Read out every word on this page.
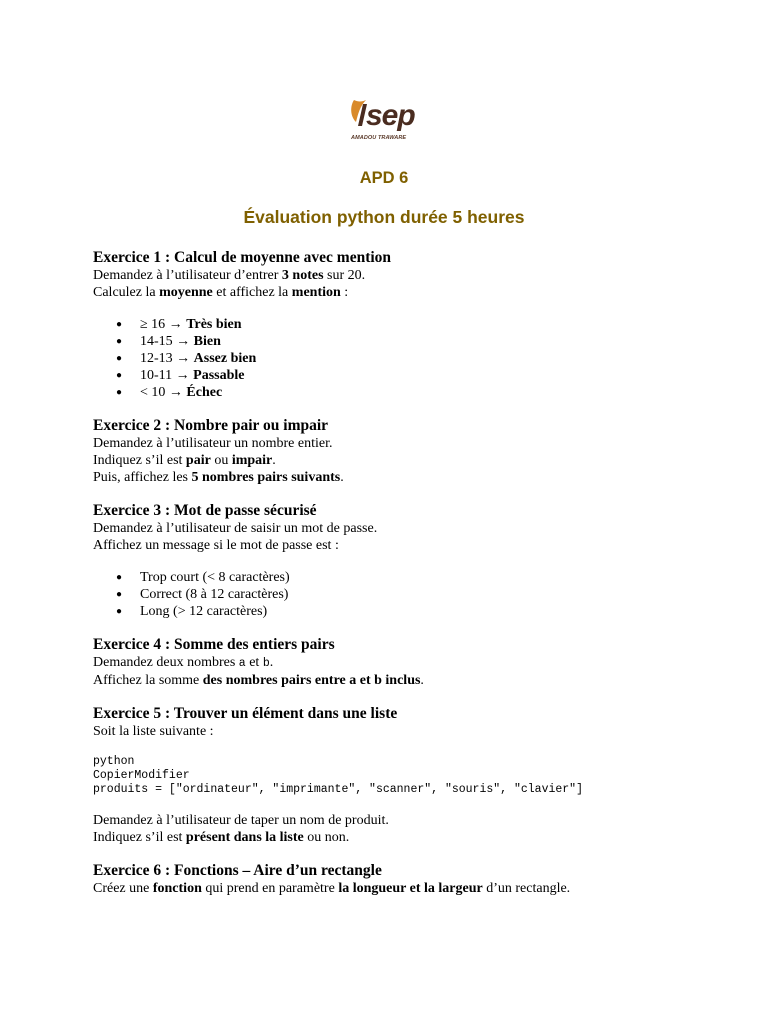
sep
AMADOU TRAWARE
APD 6
Évaluation python durée 5 heures
Exercice 1 : Calcul de moyenne avec mention
Demandez à l’utilisateur d’entrer 3 notes sur 20.
Calculez la moyenne et affichez la mention :
● ≥ 16 → Très bien
● 14-15 → Bien
● 12-13 → Assez bien
● 10-11 → Passable
● < 10 → Échec
Exercice 2 : Nombre pair ou impair
Demandez à l’utilisateur un nombre entier.
Indiquez s’il est pair ou impair.
Puis, affichez les 5 nombres pairs suivants.
Exercice 3 : Mot de passe sécurisé
Demandez à l’utilisateur de saisir un mot de passe.
Affichez un message si le mot de passe est :
● Trop court (< 8 caractères)
● Correct (8 à 12 caractères)
● Long (> 12 caractères)
Exercice 4 : Somme des entiers pairs
Demandez deux nombres a et b.
Affichez la somme des nombres pairs entre a et b inclus.
Exercice 5 : Trouver un élément dans une liste
Soit la liste suivante :
python
CopierModifier
produits = ["ordinateur", "imprimante", "scanner", "souris", "clavier"]
Demandez à l’utilisateur de taper un nom de produit.
Indiquez s’il est présent dans la liste ou non.
Exercice 6 : Fonctions – Aire d’un rectangle
Créez une fonction qui prend en paramètre la longueur et la largeur d’un rectangle.
